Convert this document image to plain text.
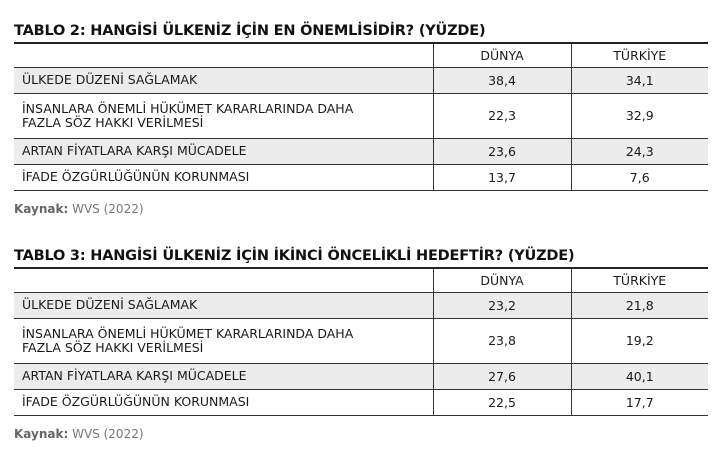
TABLO 2: HANGİSİ ÜLKENİZ İÇİN EN ÖNEMLİSİDİR? (YÜZDE)
	DÜNYA	TÜRKİYE
ÜLKEDE DÜZENİ SAĞLAMAK	38,4	34,1
İNSANLARA ÖNEMLİ HÜKÜMET KARARLARINDA DAHA FAZLA SÖZ HAKKI VERİLMESİ	22,3	32,9
ARTAN FİYATLARA KARŞI MÜCADELE	23,6	24,3
İFADE ÖZGÜRLÜĞÜNÜN KORUNMASI	13,7	7,6
Kaynak: WVS (2022)
TABLO 3: HANGİSİ ÜLKENİZ İÇİN İKİNCİ ÖNCELİKLİ HEDEFTİR? (YÜZDE)
	DÜNYA	TÜRKİYE
ÜLKEDE DÜZENİ SAĞLAMAK	23,2	21,8
İNSANLARA ÖNEMLİ HÜKÜMET KARARLARINDA DAHA FAZLA SÖZ HAKKI VERİLMESİ	23,8	19,2
ARTAN FİYATLARA KARŞI MÜCADELE	27,6	40,1
İFADE ÖZGÜRLÜĞÜNÜN KORUNMASI	22,5	17,7
Kaynak: WVS (2022)
